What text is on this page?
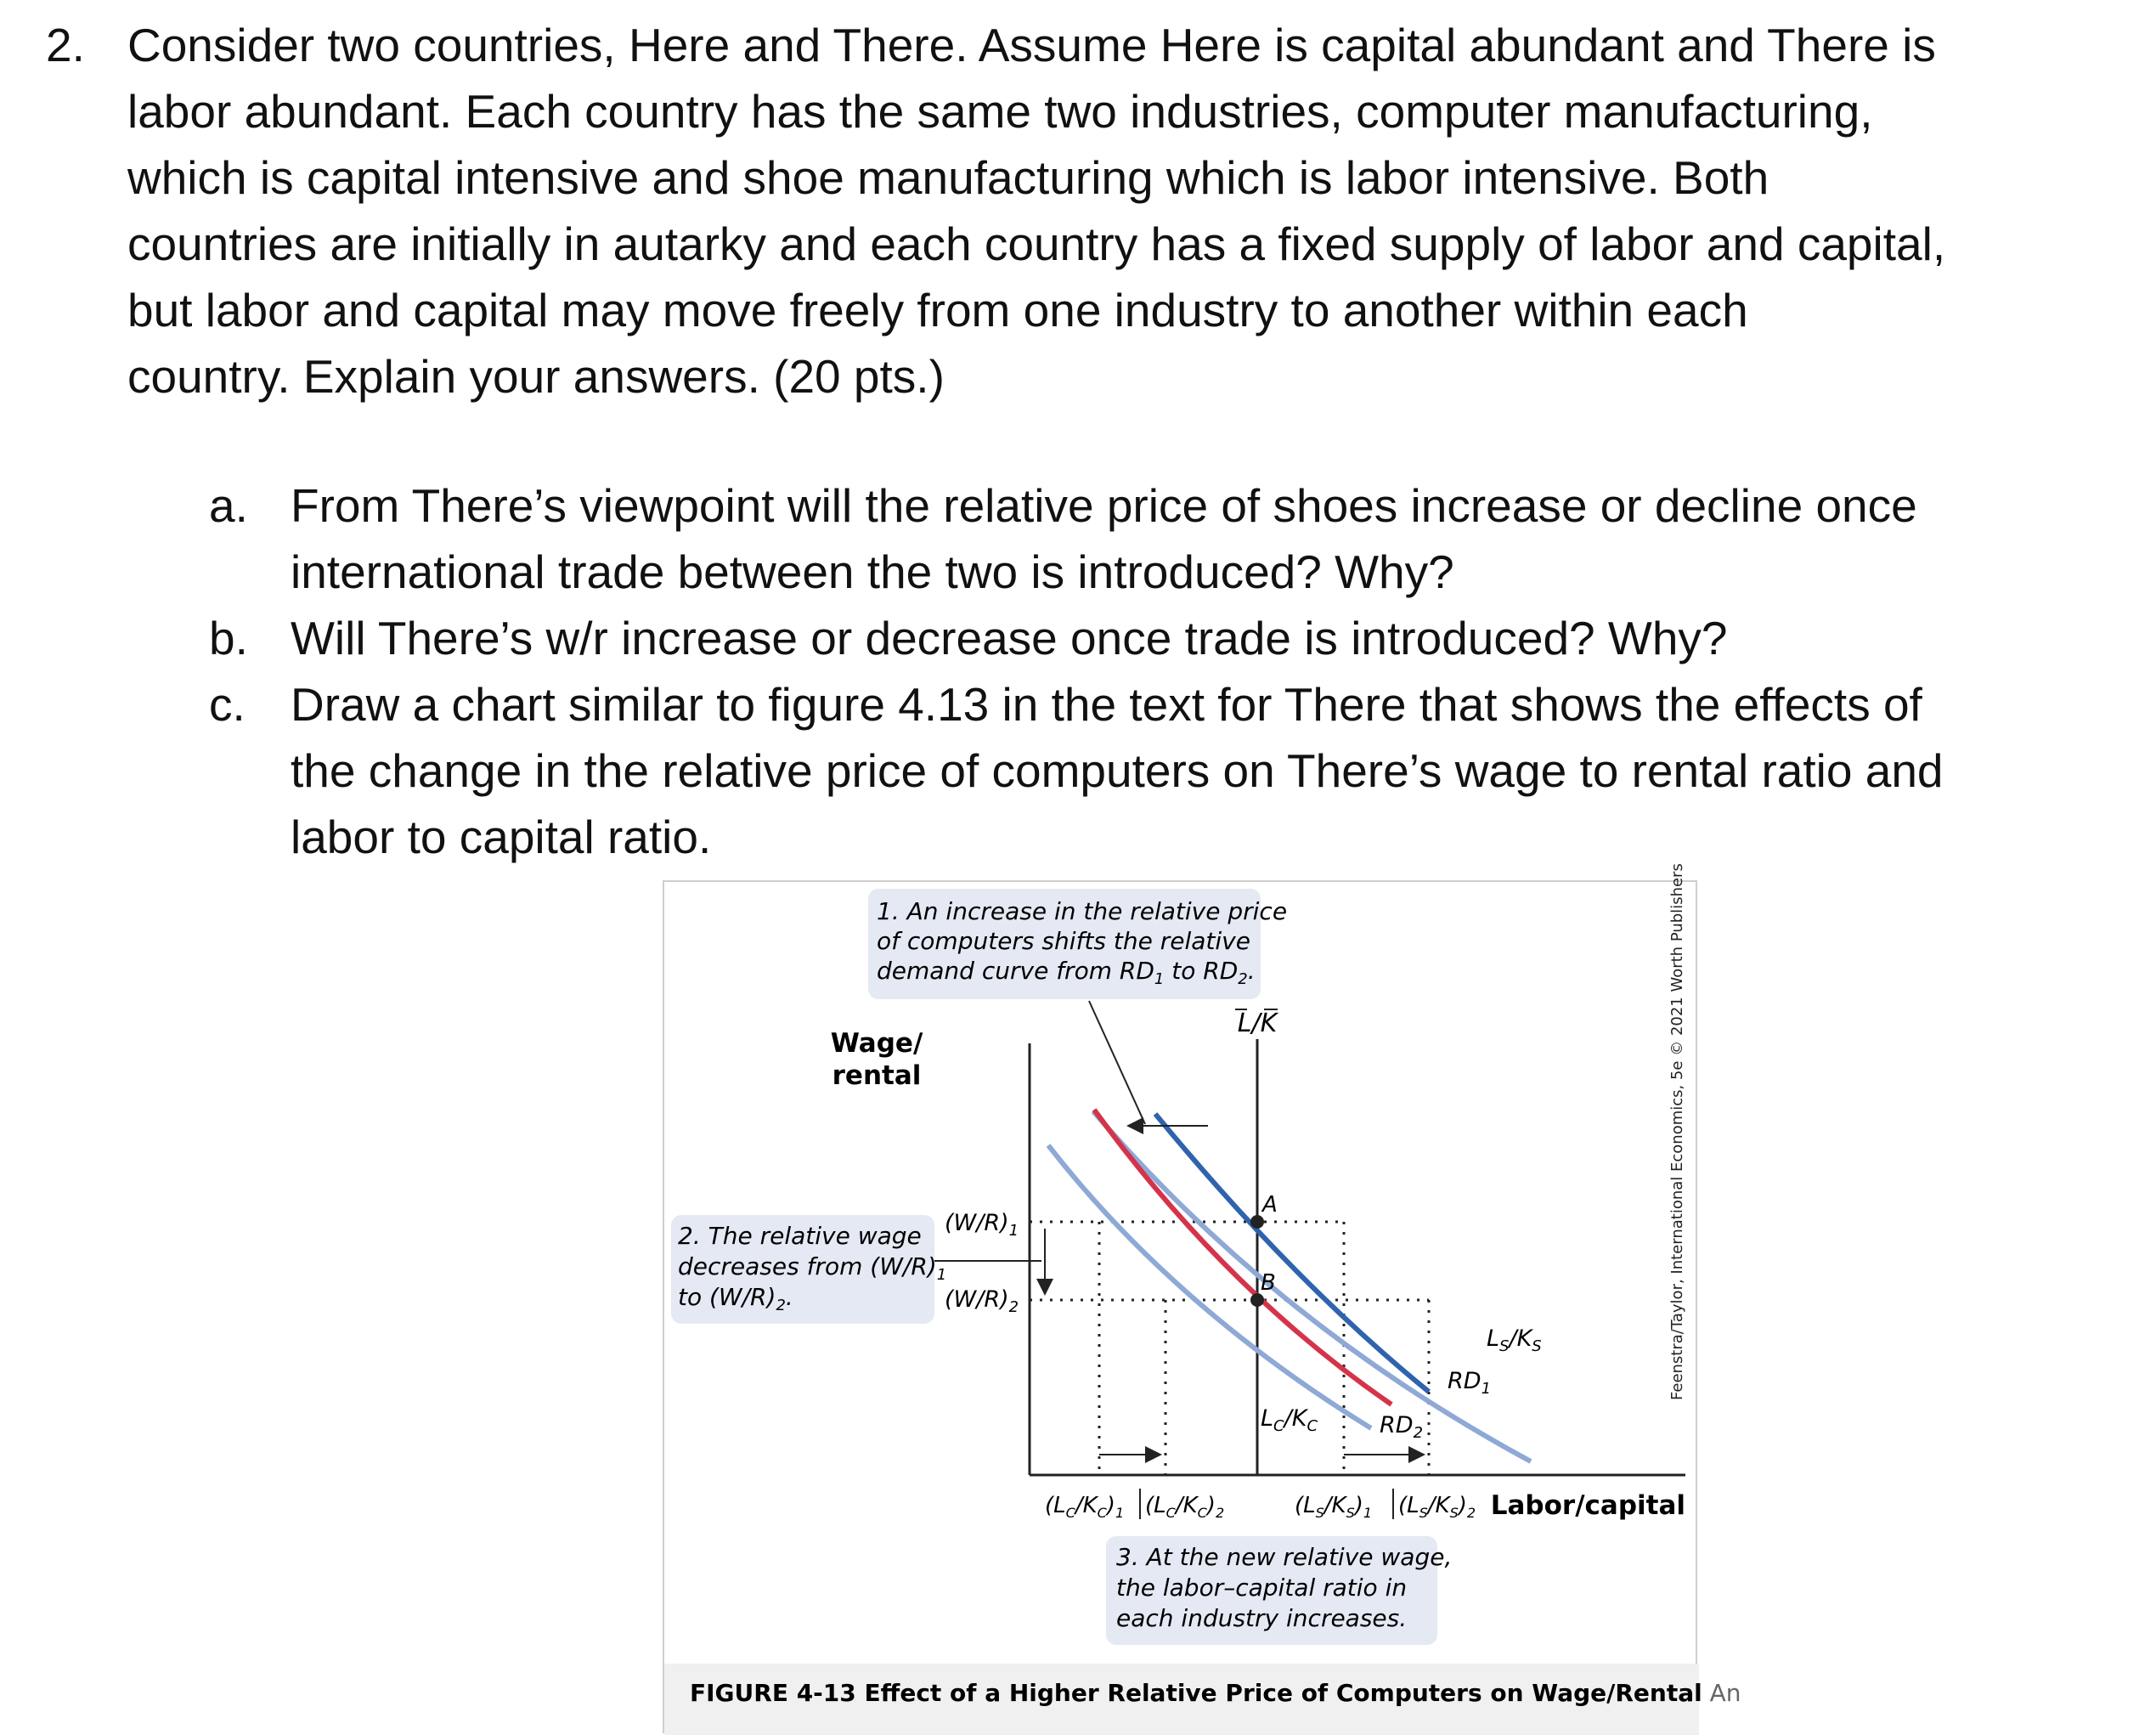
2. Consider two countries, Here and There. Assume Here is capital abundant and There is
labor abundant. Each country has the same two industries, computer manufacturing,
which is capital intensive and shoe manufacturing which is labor intensive. Both
countries are initially in autarky and each country has a fixed supply of labor and capital,
but labor and capital may move freely from one industry to another within each
country. Explain your answers. (20 pts.)
a. From There’s viewpoint will the relative price of shoes increase or decline once
international trade between the two is introduced? Why?
b. Will There’s w/r increase or decrease once trade is introduced? Why?
c. Draw a chart similar to figure 4.13 in the text for There that shows the effects of
the change in the relative price of computers on There’s wage to rental ratio and
labor to capital ratio.
1. An increase in the relative price
of computers shifts the relative
demand curve from $RD_1$ to $RD_2$.
Wage/
rental
L/K
A
B
$(W/R)_1$
$(W/R)_2$
2. The relative wage
decreases from $(W/R)_1$
to $(W/R)_2$.
$L_S/K_S$
$RD_1$
$L_C/K_C$	$RD_2$
$(L_C/K_C)_1$ $(L_C/K_C)_2$	$(L_S/K_S)_1$ $(L_S/K_S)_2$ Labor/capital
3. At the new relative wage,
the labor–capital ratio in
each industry increases.
FIGURE 4-13 Effect of a Higher Relative Price of Computers on Wage/Rental An
Feenstra/Taylor, International Economics, 5e © 2021 Worth Publishers
